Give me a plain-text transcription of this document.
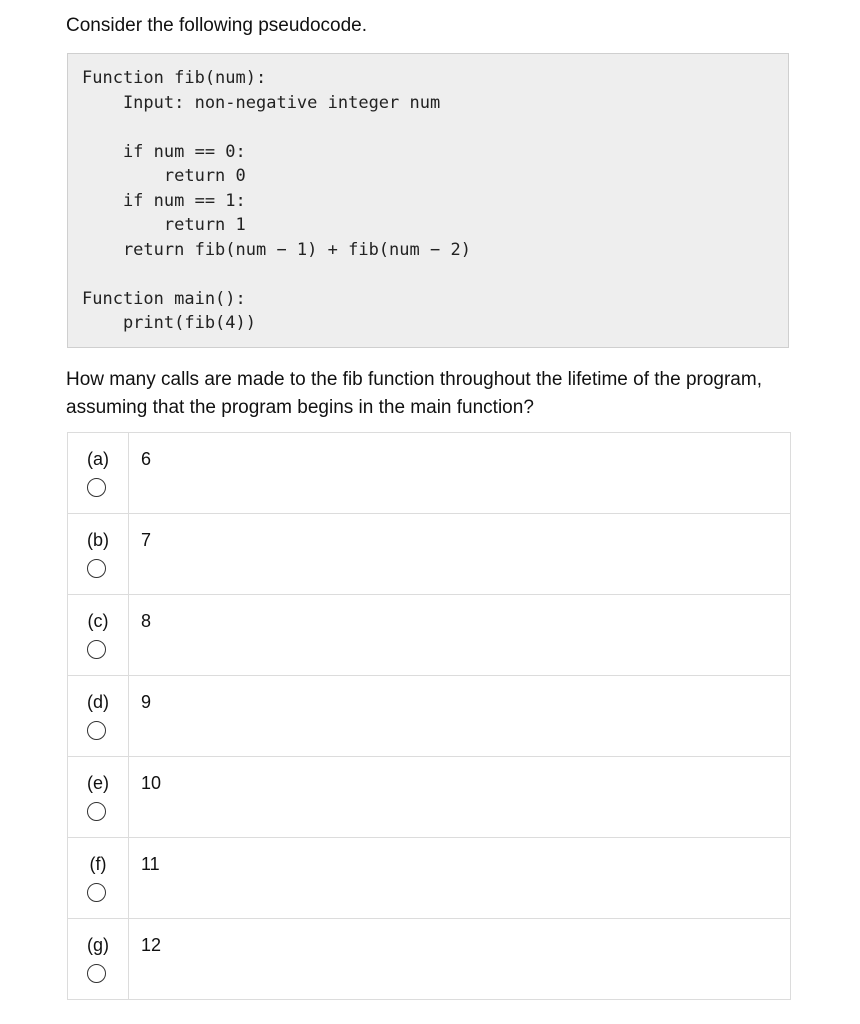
Consider the following pseudocode.

Function fib(num):
Input: non-negative integer num
if num == 0:
return 0
if num == 1:
return 1
return fib(num − 1) + fib(num − 2)
Function main():
print(fib(4))

How many calls are made to the fib function throughout the lifetime of the program, assuming that the program begins in the main function?

(a)	6

(b)	7

(c)	8

(d)	9

(e)	10

(f)	11

(g)	12
